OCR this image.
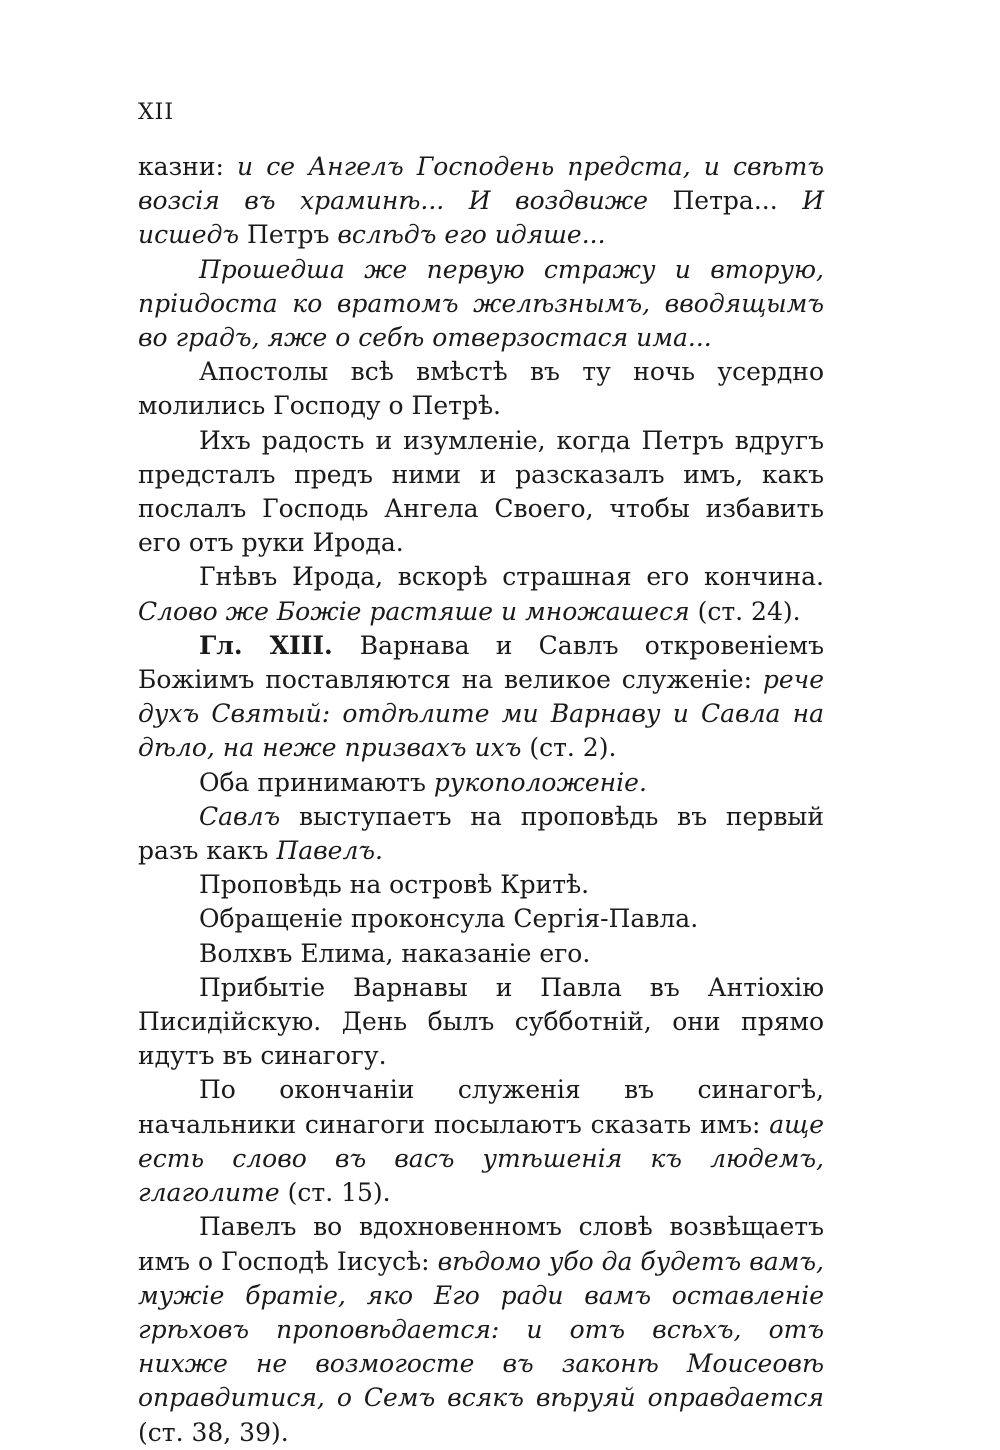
XII

казни: и се Ангелъ Господень предста, и свѣтъ возсія въ храминѣ... И воздвиже Петра... И исшедъ Петръ вслѣдъ его идяше...

Прошедша же первую стражу и вторую, пріидоста ко вратомъ желѣзнымъ, вводящымъ во градъ, яже о себѣ отверзостася има...

Апостолы всѣ вмѣстѣ въ ту ночь усердно молились Господу о Петрѣ.

Ихъ радость и изумленіе, когда Петръ вдругъ предсталъ предъ ними и разсказалъ имъ, какъ послалъ Господь Ангела Своего, чтобы избавить его отъ руки Ирода.

Гнѣвъ Ирода, вскорѣ страшная его кончина. Слово же Божіе растяше и множашеся (ст. 24).

Гл. XIII. Варнава и Савлъ откровеніемъ Божіимъ поставляются на великое служеніе: рече духъ Святый: отдѣлите ми Варнаву и Савла на дѣло, на неже призвахъ ихъ (ст. 2).

Оба принимаютъ рукоположеніе.

Савлъ выступаетъ на проповѣдь въ первый разъ какъ Павелъ.

Проповѣдь на островѣ Критѣ.

Обращеніе проконсула Сергія-Павла.

Волхвъ Елима, наказаніе его.

Прибытіе Варнавы и Павла въ Антіохію Писидійскую. День былъ субботній, они прямо идутъ въ синагогу.

По окончаніи служенія въ синагогѣ, начальники синагоги посылаютъ сказать имъ: аще есть слово въ васъ утѣшенія къ людемъ, глаголите (ст. 15).

Павелъ во вдохновенномъ словѣ возвѣщаетъ имъ о Господѣ Іисусѣ: вѣдомо убо да будетъ вамъ, мужіе братіе, яко Его ради вамъ оставленіе грѣховъ проповѣдается: и отъ всѣхъ, отъ нихже не возмогосте въ законѣ Моисеовѣ оправдитися, о Семъ всякъ вѣруяй оправдается (ст. 38, 39).
